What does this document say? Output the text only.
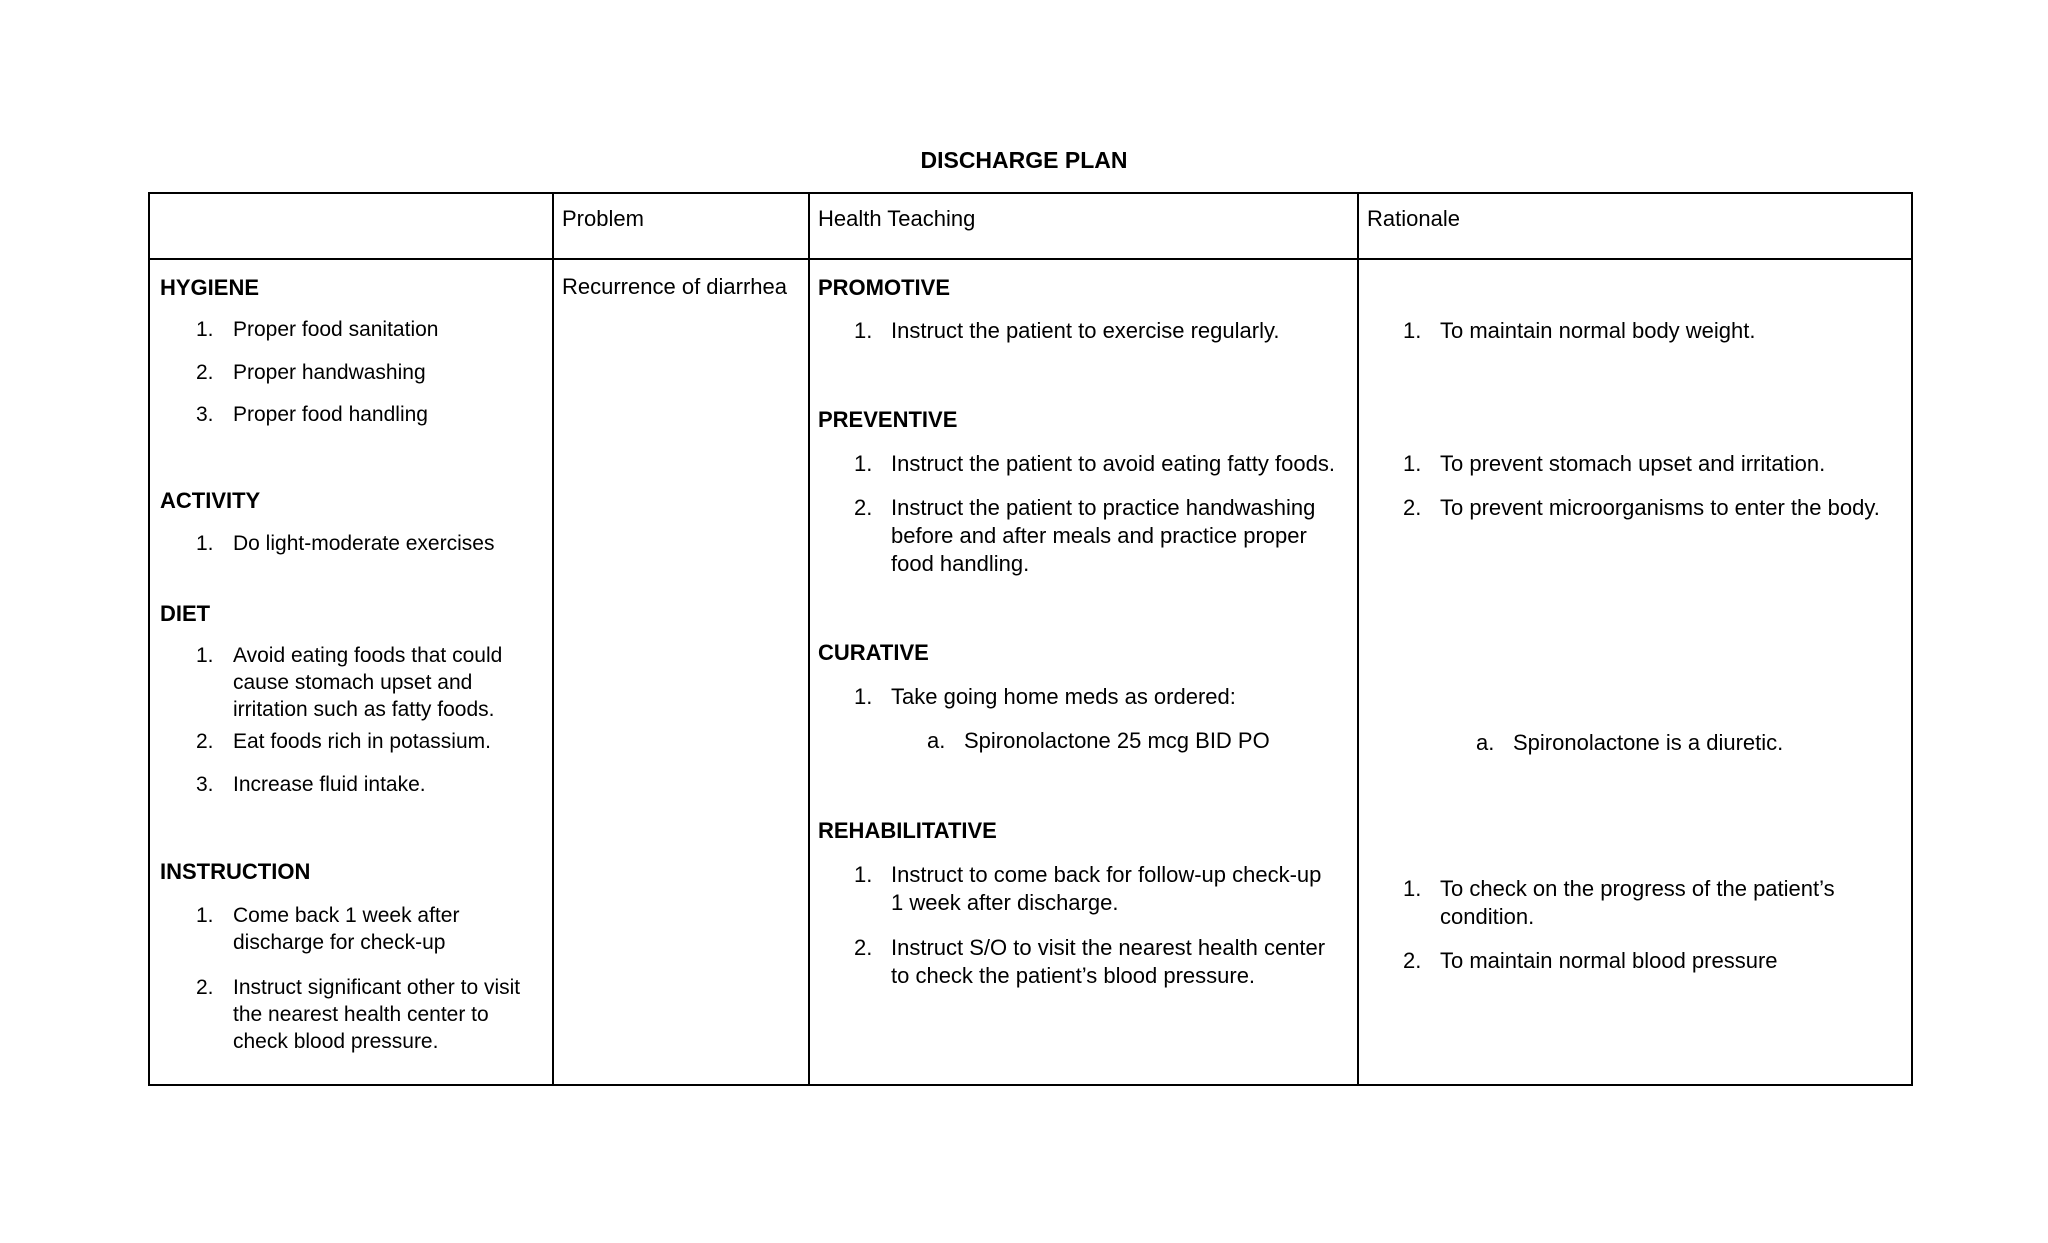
DISCHARGE PLAN
Problem	Health Teaching	Rationale
HYGIENE
1. Proper food sanitation
2. Proper handwashing
3. Proper food handling
ACTIVITY
1. Do light-moderate exercises
DIET
1. Avoid eating foods that could
cause stomach upset and
irritation such as fatty foods.
2. Eat foods rich in potassium.
3. Increase fluid intake.
INSTRUCTION
1. Come back 1 week after
discharge for check-up
2. Instruct significant other to visit
the nearest health center to
check blood pressure.
Recurrence of diarrhea PROMOTIVE
1. Instruct the patient to exercise regularly.
PREVENTIVE
1. Instruct the patient to avoid eating fatty foods.
2. Instruct the patient to practice handwashing
before and after meals and practice proper
food handling.
CURATIVE
1. Take going home meds as ordered:
a. Spironolactone 25 mcg BID PO
REHABILITATIVE
1. Instruct to come back for follow-up check-up
1 week after discharge.
2. Instruct S/O to visit the nearest health center
to check the patient’s blood pressure.
1. To maintain normal body weight.
1. To prevent stomach upset and irritation.
2. To prevent microorganisms to enter the body.
a. Spironolactone is a diuretic.
1. To check on the progress of the patient’s
condition.
2. To maintain normal blood pressure
